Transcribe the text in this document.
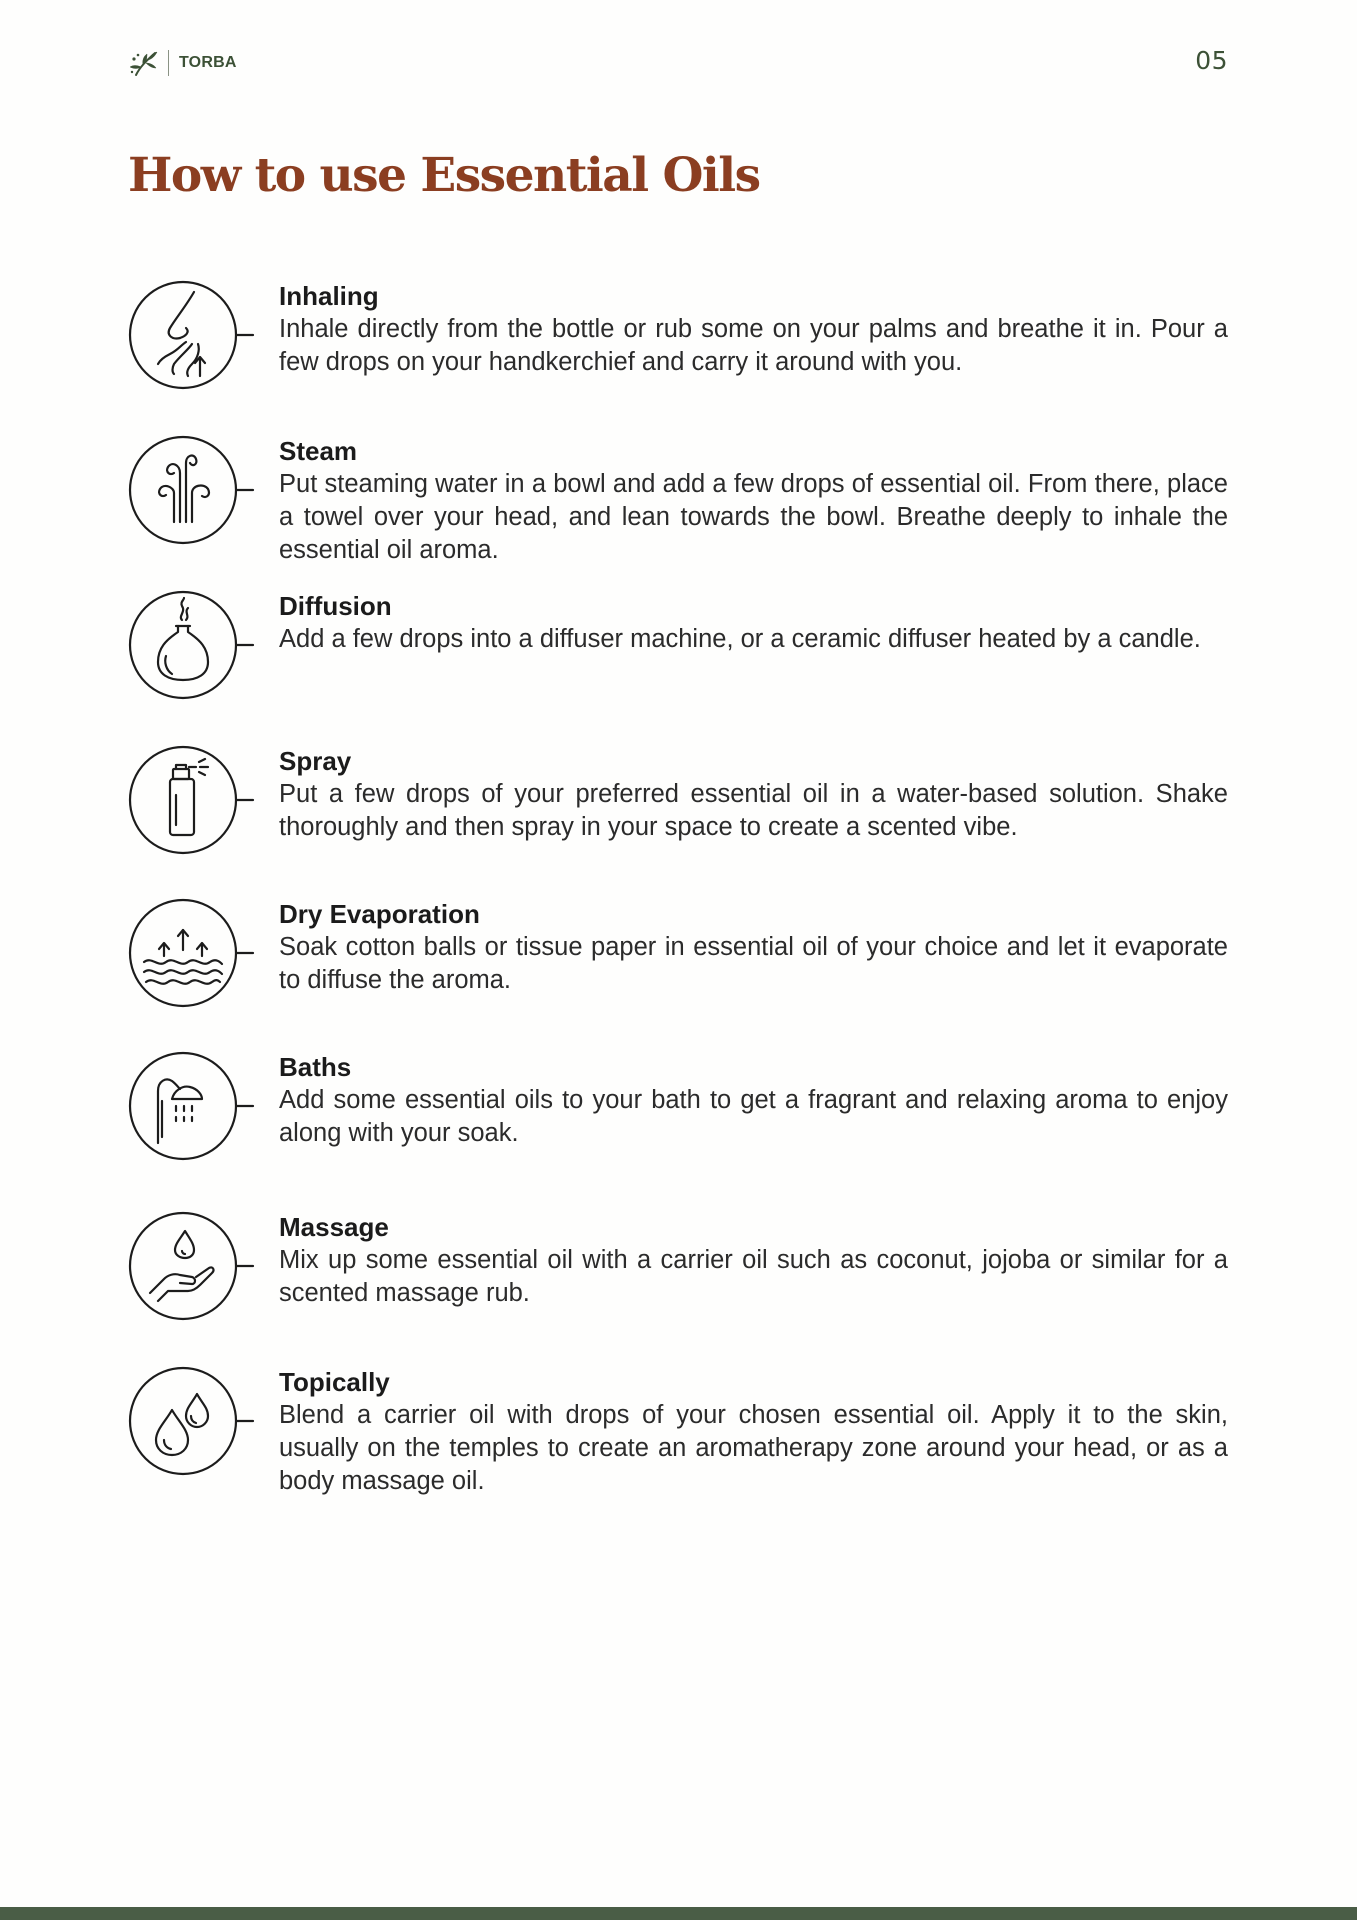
TORBA	05
How to use Essential Oils
Inhaling
Inhale directly from the bottle or rub some on your palms and breathe it in. Pour a few drops on your handkerchief and carry it around with you.
Steam
Put steaming water in a bowl and add a few drops of essential oil. From there, place a towel over your head, and lean towards the bowl. Breathe deeply to inhale the essential oil aroma.
Diffusion
Add a few drops into a diffuser machine, or a ceramic diffuser heated by a candle.
Spray
Put a few drops of your preferred essential oil in a water-based solution. Shake thoroughly and then spray in your space to create a scented vibe.
Dry Evaporation
Soak cotton balls or tissue paper in essential oil of your choice and let it evaporate to diffuse the aroma.
Baths
Add some essential oils to your bath to get a fragrant and relaxing aroma to enjoy along with your soak.
Massage
Mix up some essential oil with a carrier oil such as coconut, jojoba or similar for a scented massage rub.
Topically
Blend a carrier oil with drops of your chosen essential oil. Apply it to the skin, usually on the temples to create an aromatherapy zone around your head, or as a body massage oil.
